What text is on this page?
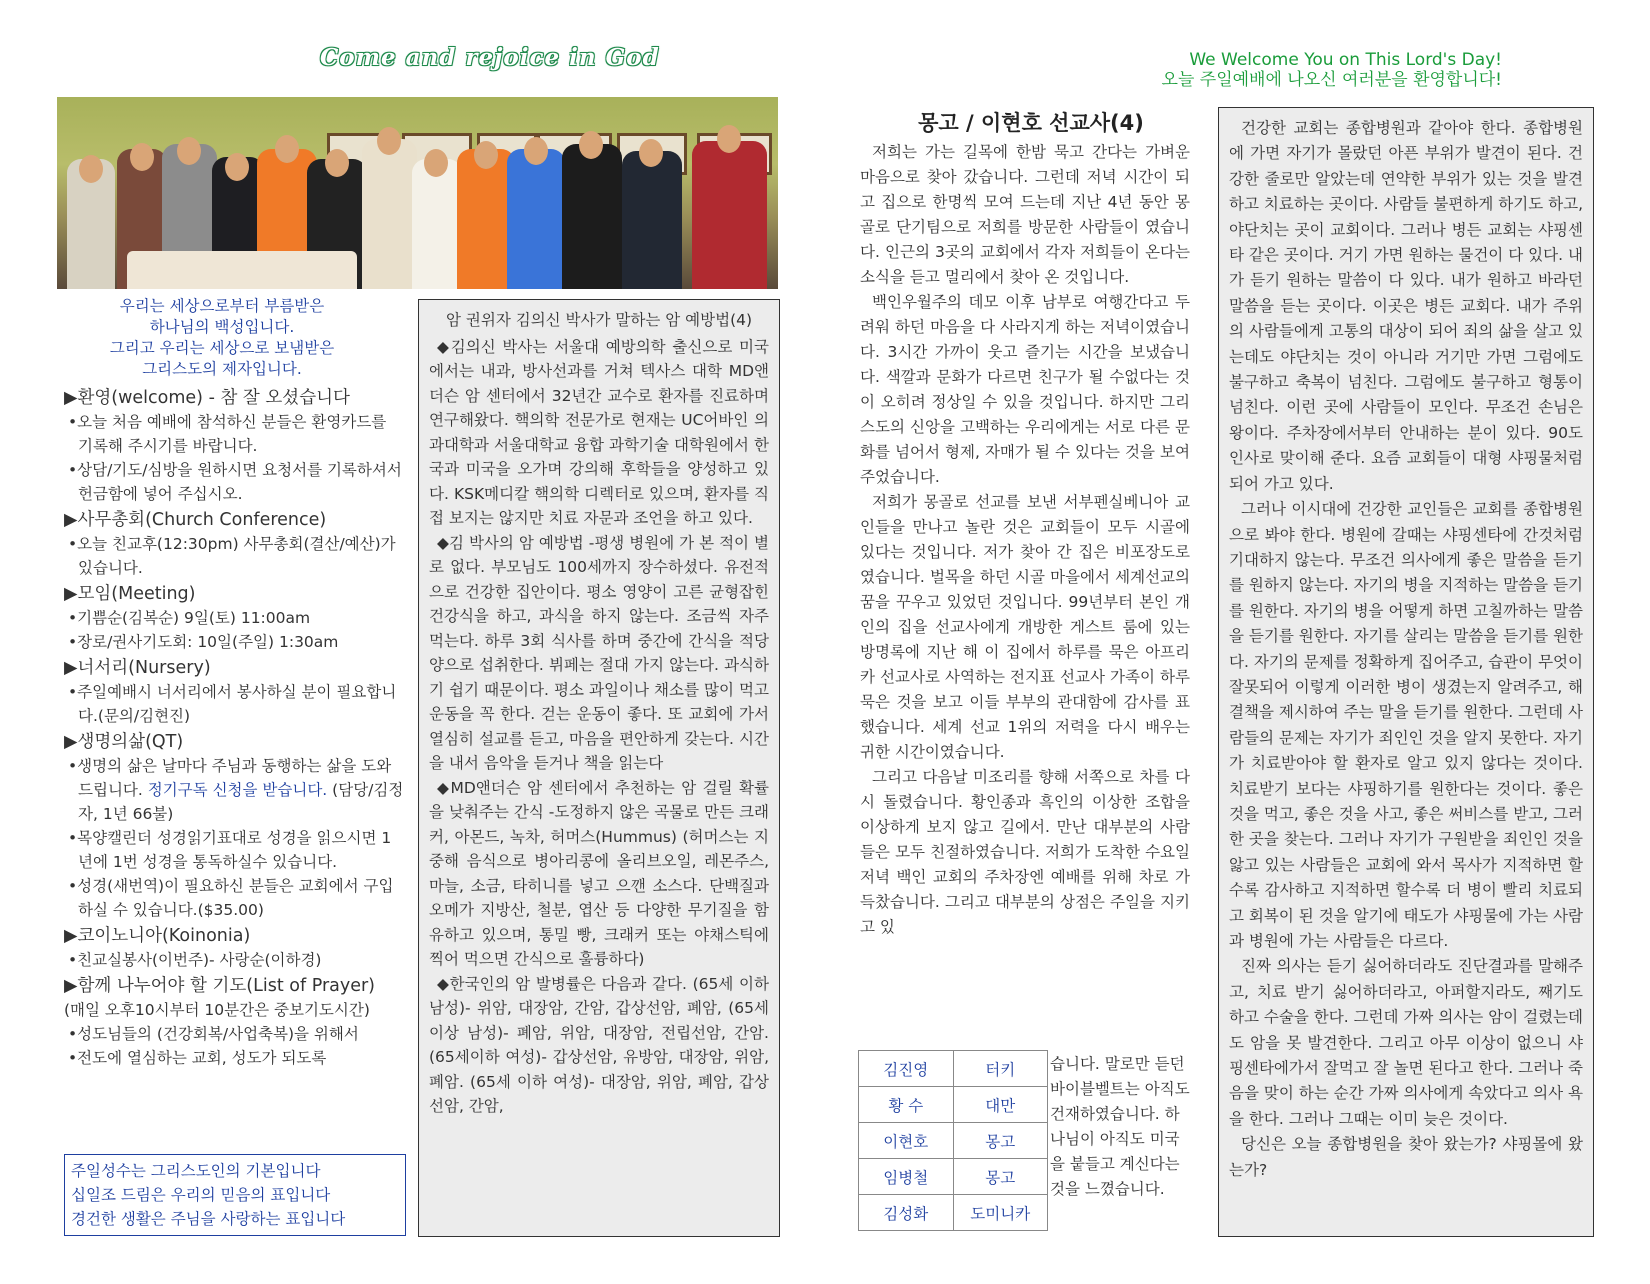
Come and rejoice in God	We Welcome You on This Lord's Day!
오늘 주일예배에 나오신 여러분을 환영합니다!
우리는 세상으로부터 부름받은
하나님의 백성입니다.
그리고 우리는 세상으로 보냄받은
그리스도의 제자입니다.
▶환영(welcome) - 참 잘 오셨습니다
•오늘 처음 예배에 참석하신 분들은 환영카드를 기록해 주시기를 바랍니다.
•상담/기도/심방을 원하시면 요청서를 기록하셔서 헌금함에 넣어 주십시오.
▶사무총회(Church Conference)
•오늘 친교후(12:30pm) 사무총회(결산/예산)가 있습니다.
▶모임(Meeting)
•기쁨순(김복순) 9일(토) 11:00am
•장로/권사기도회: 10일(주일) 1:30am
▶너서리(Nursery)
•주일예배시 너서리에서 봉사하실 분이 필요합니다.(문의/김현진)
▶생명의삶(QT)
•생명의 삶은 날마다 주님과 동행하는 삶을 도와드립니다. 정기구독 신청을 받습니다. (담당/김정자, 1년 66불)
•목양캘린더 성경읽기표대로 성경을 읽으시면 1년에 1번 성경을 통독하실수 있습니다.
•성경(새번역)이 필요하신 분들은 교회에서 구입하실 수 있습니다.($35.00)
▶코이노니아(Koinonia)
•친교실봉사(이번주)- 사랑순(이하경)
▶함께 나누어야 할 기도(List of Prayer)
(매일 오후10시부터 10분간은 중보기도시간)
•성도님들의 (건강회복/사업축복)을 위해서
•전도에 열심하는 교회, 성도가 되도록
주일성수는 그리스도인의 기본입니다
십일조 드림은 우리의 믿음의 표입니다
경건한 생활은 주님을 사랑하는 표입니다
암 권위자 김의신 박사가 말하는 암 예방법(4)

◆김의신 박사는 서울대 예방의학 출신으로 미국에서는 내과, 방사선과를 거쳐 텍사스 대학 MD앤더슨 암 센터에서 32년간 교수로 환자를 진료하며 연구해왔다. 핵의학 전문가로 현재는 UC어바인 의과대학과 서울대학교 융합 과학기술 대학원에서 한국과 미국을 오가며 강의해 후학들을 양성하고 있다. KSK메디칼 핵의학 디렉터로 있으며, 환자를 직접 보지는 않지만 치료 자문과 조언을 하고 있다.

◆김 박사의 암 예방법 -평생 병원에 가 본 적이 별로 없다. 부모님도 100세까지 장수하셨다. 유전적으로 건강한 집안이다. 평소 영양이 고른 균형잡힌 건강식을 하고, 과식을 하지 않는다. 조금씩 자주 먹는다. 하루 3회 식사를 하며 중간에 간식을 적당양으로 섭취한다. 뷔페는 절대 가지 않는다. 과식하기 쉽기 때문이다. 평소 과일이나 채소를 많이 먹고 운동을 꼭 한다. 걷는 운동이 좋다. 또 교회에 가서 열심히 설교를 듣고, 마음을 편안하게 갖는다. 시간을 내서 음악을 듣거나 책을 읽는다

◆MD앤더슨 암 센터에서 추천하는 암 걸릴 확률을 낮춰주는 간식 -도정하지 않은 곡물로 만든 크래커, 아몬드, 녹차, 허머스(Hummus) (허머스는 지중해 음식으로 병아리콩에 올리브오일, 레몬주스, 마늘, 소금, 타히니를 넣고 으깬 소스다. 단백질과 오메가 지방산, 철분, 엽산 등 다양한 무기질을 함유하고 있으며, 통밀 빵, 크래커 또는 야채스틱에 찍어 먹으면 간식으로 훌륭하다)

◆한국인의 암 발병률은 다음과 같다. (65세 이하 남성)- 위암, 대장암, 간암, 갑상선암, 폐암, (65세 이상 남성)- 폐암, 위암, 대장암, 전립선암, 간암. (65세이하 여성)- 갑상선암, 유방암, 대장암, 위암, 폐암. (65세 이하 여성)- 대장암, 위암, 폐암, 갑상선암, 간암,

몽고 / 이현호 선교사(4)

저희는 가는 길목에 한밤 묵고 간다는 가벼운 마음으로 찾아 갔습니다. 그런데 저녁 시간이 되고 집으로 한명씩 모여 드는데 지난 4년 동안 몽골로 단기팀으로 저희를 방문한 사람들이 였습니다. 인근의 3곳의 교회에서 각자 저희들이 온다는 소식을 듣고 멀리에서 찾아 온 것입니다.

백인우월주의 데모 이후 남부로 여행간다고 두려워 하던 마음을 다 사라지게 하는 저녁이였습니다. 3시간 가까이 웃고 즐기는 시간을 보냈습니다. 색깔과 문화가 다르면 친구가 될 수없다는 것이 오히려 정상일 수 있을 것입니다. 하지만 그리스도의 신앙을 고백하는 우리에게는 서로 다른 문화를 넘어서 형제, 자매가 될 수 있다는 것을 보여 주었습니다.

저희가 몽골로 선교를 보낸 서부펜실베니아 교인들을 만나고 놀란 것은 교회들이 모두 시골에 있다는 것입니다. 저가 찾아 간 집은 비포장도로였습니다. 벌목을 하던 시골 마을에서 세계선교의 꿈을 꾸우고 있었던 것입니다. 99년부터 본인 개인의 집을 선교사에게 개방한 게스트 룸에 있는 방명록에 지난 해 이 집에서 하루를 묵은 아프리카 선교사로 사역하는 전지표 선교사 가족이 하루 묵은 것을 보고 이들 부부의 관대함에 감사를 표했습니다. 세계 선교 1위의 저력을 다시 배우는 귀한 시간이였습니다.

그리고 다음날 미조리를 향해 서쪽으로 차를 다시 돌렸습니다. 황인종과 흑인의 이상한 조합을 이상하게 보지 않고 길에서. 만난 대부분의 사람들은 모두 친절하였습니다. 저희가 도착한 수요일 저녁 백인 교회의 주차장엔 예배를 위해 차로 가득찼습니다. 그리고 대부분의 상점은 주일을 지키고 있

김진영	터키
황 수	대만
이현호	몽고
임병철	몽고
김성화	도미니카
습니다. 말로만 듣던 바이블벨트는 아직도 건재하였습니다. 하나님이 아직도 미국을 붙들고 계신다는 것을 느꼈습니다.

건강한 교회는 종합병원과 같아야 한다. 종합병원에 가면 자기가 몰랐던 아픈 부위가 발견이 된다. 건강한 줄로만 알았는데 연약한 부위가 있는 것을 발견하고 치료하는 곳이다. 사람들 불편하게 하기도 하고, 야단치는 곳이 교회이다. 그러나 병든 교회는 샤핑센타 같은 곳이다. 거기 가면 원하는 물건이 다 있다. 내가 듣기 원하는 말씀이 다 있다. 내가 원하고 바라던 말씀을 듣는 곳이다. 이곳은 병든 교회다. 내가 주위의 사람들에게 고통의 대상이 되어 죄의 삶을 살고 있는데도 야단치는 것이 아니라 거기만 가면 그럼에도 불구하고 축복이 넘친다. 그럼에도 불구하고 형통이 넘친다. 이런 곳에 사람들이 모인다. 무조건 손님은 왕이다. 주차장에서부터 안내하는 분이 있다. 90도 인사로 맞이해 준다. 요즘 교회들이 대형 샤핑물처럼 되어 가고 있다.

그러나 이시대에 건강한 교인들은 교회를 종합병원으로 봐야 한다. 병원에 갈때는 샤핑센타에 간것처럼 기대하지 않는다. 무조건 의사에게 좋은 말씀을 듣기를 원하지 않는다. 자기의 병을 지적하는 말씀을 듣기를 원한다. 자기의 병을 어떻게 하면 고칠까하는 말씀을 듣기를 원한다. 자기를 살리는 말씀을 듣기를 원한다. 자기의 문제를 정확하게 집어주고, 습관이 무엇이 잘못되어 이렇게 이러한 병이 생겼는지 알려주고, 해결책을 제시하여 주는 말을 듣기를 원한다. 그런데 사람들의 문제는 자기가 죄인인 것을 알지 못한다. 자기가 치료받아야 할 환자로 알고 있지 않다는 것이다. 치료받기 보다는 샤핑하기를 원한다는 것이다. 좋은 것을 먹고, 좋은 것을 사고, 좋은 써비스를 받고, 그러한 곳을 찾는다. 그러나 자기가 구원받을 죄인인 것을 앓고 있는 사람들은 교회에 와서 목사가 지적하면 할수록 감사하고 지적하면 할수록 더 병이 빨리 치료되고 회복이 된 것을 알기에 태도가 샤핑물에 가는 사람과 병원에 가는 사람들은 다르다.

진짜 의사는 듣기 싫어하더라도 진단결과를 말해주고, 치료 받기 싫어하더라고, 아퍼할지라도, 째기도 하고 수술을 한다. 그런데 가짜 의사는 암이 걸렸는데도 암을 못 발견한다. 그리고 아무 이상이 없으니 샤핑센타에가서 잘먹고 잘 놀면 된다고 한다. 그러나 죽음을 맞이 하는 순간 가짜 의사에게 속았다고 의사 욕을 한다. 그러나 그때는 이미 늦은 것이다.

당신은 오늘 종합병원을 찾아 왔는가? 샤핑몰에 왔는가?
